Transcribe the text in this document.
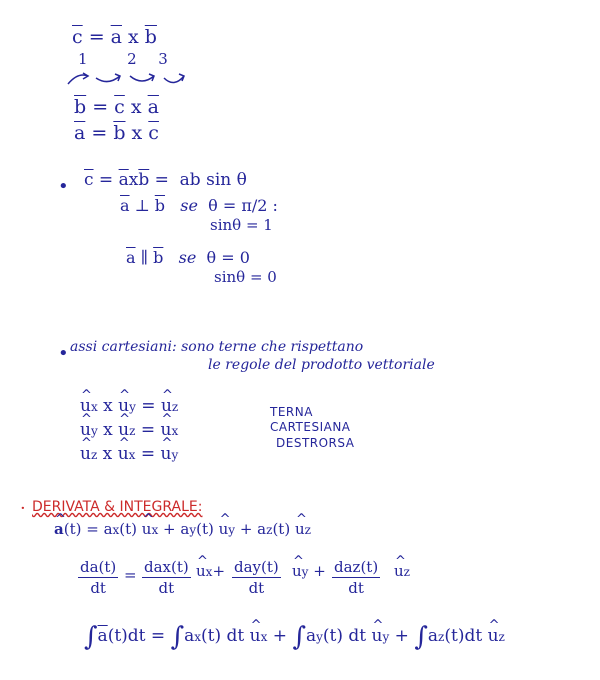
$\overline{c} = \overline{a}$ x $\overline{b}$
1	2 3
$\overline{b} = \overline{c}$ x $\overline{a}$
$\overline{a} = \overline{b}$ x $\overline{c}$
• $\overline{c} = \overline{a}x\overline{b}$ =  ab sin θ
$\overline{a}$ ⊥ $\overline{b}$ se  θ = π/2 :
sinθ = 1
$\overline{a}$ ∥ $\overline{b}$ se  θ = 0
sinθ = 0
• assi cartesiani: sono terne che rispettano
le regole del prodotto vettoriale
^ ux x ^ uy = ^ uz
^ uy x ^ uz = ^ ux
^ uz x ^ ux = ^ uy
TERNA
CARTESIANA
DESTRORSA
· DERIVATA & INTEGRALE:
^ a(t) = ax(t) ^ ux + ay(t) ^ uy + az(t) ^ uz
$\frac{da(t)}{dt} = dax(t)$
dt
^ ux+ day(t)
dt
^ uy + daz(t)
dt
^ uz
$\int\overline{a}(t)dt = \int ax(t)$ dt ^ ux + ∫ay(t) dt ^ uy + ∫az(t)dt ^ uz
